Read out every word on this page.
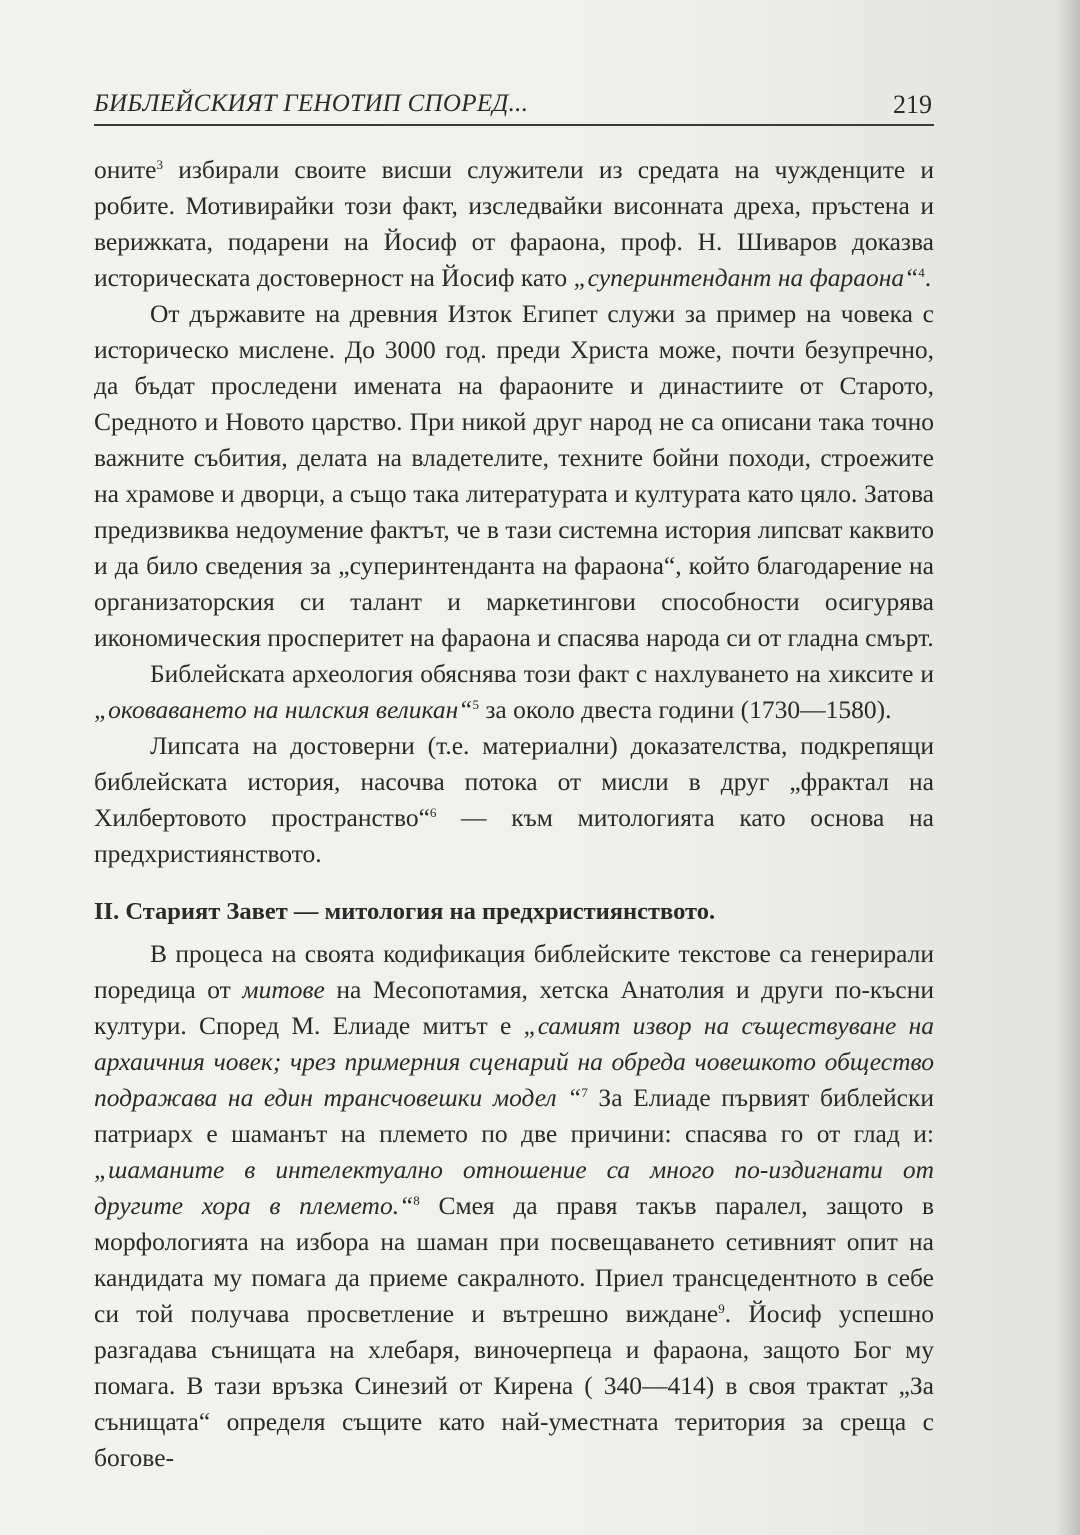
БИБЛЕЙСКИЯТ ГЕНОТИП СПОРЕД...	219

оните$^3$ избирали своите висши служители из средата на чужденците и робите. Мотивирайки този факт, изследвайки висонната дреха, пръстена и верижката, подарени на Йосиф от фараона, проф. Н. Шиваров доказва историческата достоверност на Йосиф като „суперинтендант на фараона“$^4$.

От държавите на древния Изток Египет служи за пример на човека с историческо мислене. До 3000 год. преди Христа може, почти безупречно, да бъдат проследени имената на фараоните и династиите от Старото, Средното и Новото царство. При никой друг народ не са описани така точно важните събития, делата на владетелите, техните бойни походи, строежите на храмове и дворци, а също така литературата и културата като цяло. Затова предизвиква недоумение фактът, че в тази системна история липсват каквито и да било сведения за „суперинтенданта на фараона“, който благодарение на организаторския си талант и маркетингови способности осигурява икономическия просперитет на фараона и спасява народа си от гладна смърт.

Библейската археология обяснява този факт с нахлуването на хиксите и „оковаването на нилския великан“$^5$ за около двеста години (1730—1580).

Липсата на достоверни (т.е. материални) доказателства, подкрепящи библейската история, насочва потока от мисли в друг „фрактал на Хилбертовото пространство“$^6$ — към митологията като основа на предхристиянството.

II. Старият Завет — митология на предхристиянството.

В процеса на своята кодификация библейските текстове са генерирали поредица от митове на Месопотамия, хетска Анатолия и други по-късни култури. Според М. Елиаде митът е „самият извор на съществуване на архаичния човек; чрез примерния сценарий на обреда човешкото общество подражава на един трансчовешки модел “$^7$ За Елиаде първият библейски патриарх е шаманът на племето по две причини: спасява го от глад и: „шаманите в интелектуално отношение са много по-издигнати от другите хора в племето.“$^8$ Смея да правя такъв паралел, защото в морфологията на избора на шаман при посвещаването сетивният опит на кандидата му помага да приеме сакралното. Приел трансцедентното в себе си той получава просветление и вътрешно виждане$^9$. Йосиф успешно разгадава сънищата на хлебаря, виночерпеца и фараона, защото Бог му помага. В тази връзка Синезий от Кирена ( 340—414) в своя трактат „За сънищата“ определя същите като най-уместната територия за среща с богове-
